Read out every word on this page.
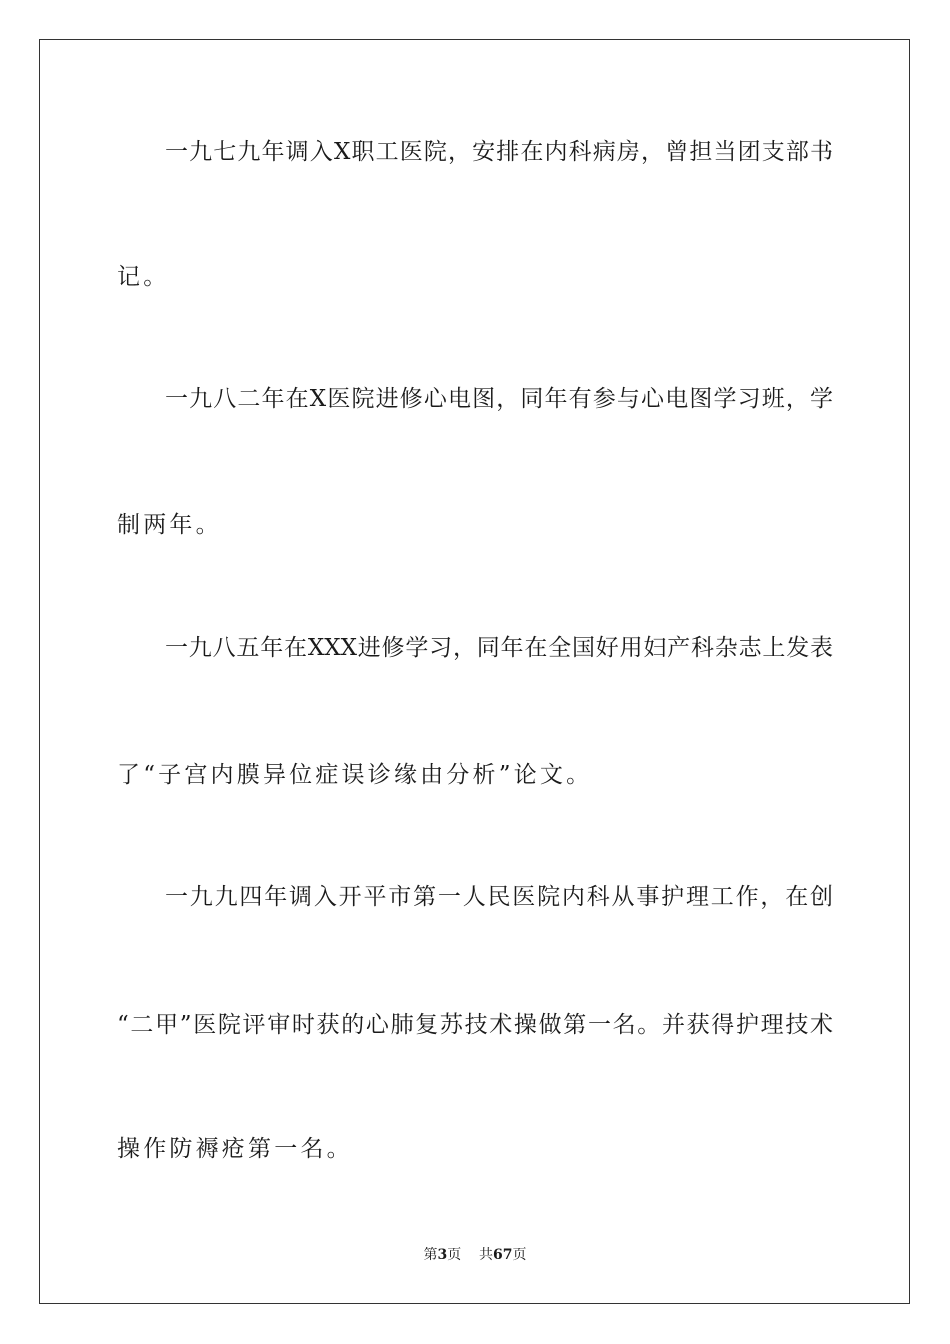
一九七九年调入X职工医院，安排在内科病房，曾担当团支部书

记。

一九八二年在X医院进修心电图，同年有参与心电图学习班，学

制两年。

一九八五年在XXX进修学习，同年在全国好用妇产科杂志上发表

了“子宫内膜异位症误诊缘由分析”论文。

一九九四年调入开平市第一人民医院内科从事护理工作，在创

“二甲”医院评审时获的心肺复苏技术操做第一名。并获得护理技术

操作防褥疮第一名。

第3页 共67页
